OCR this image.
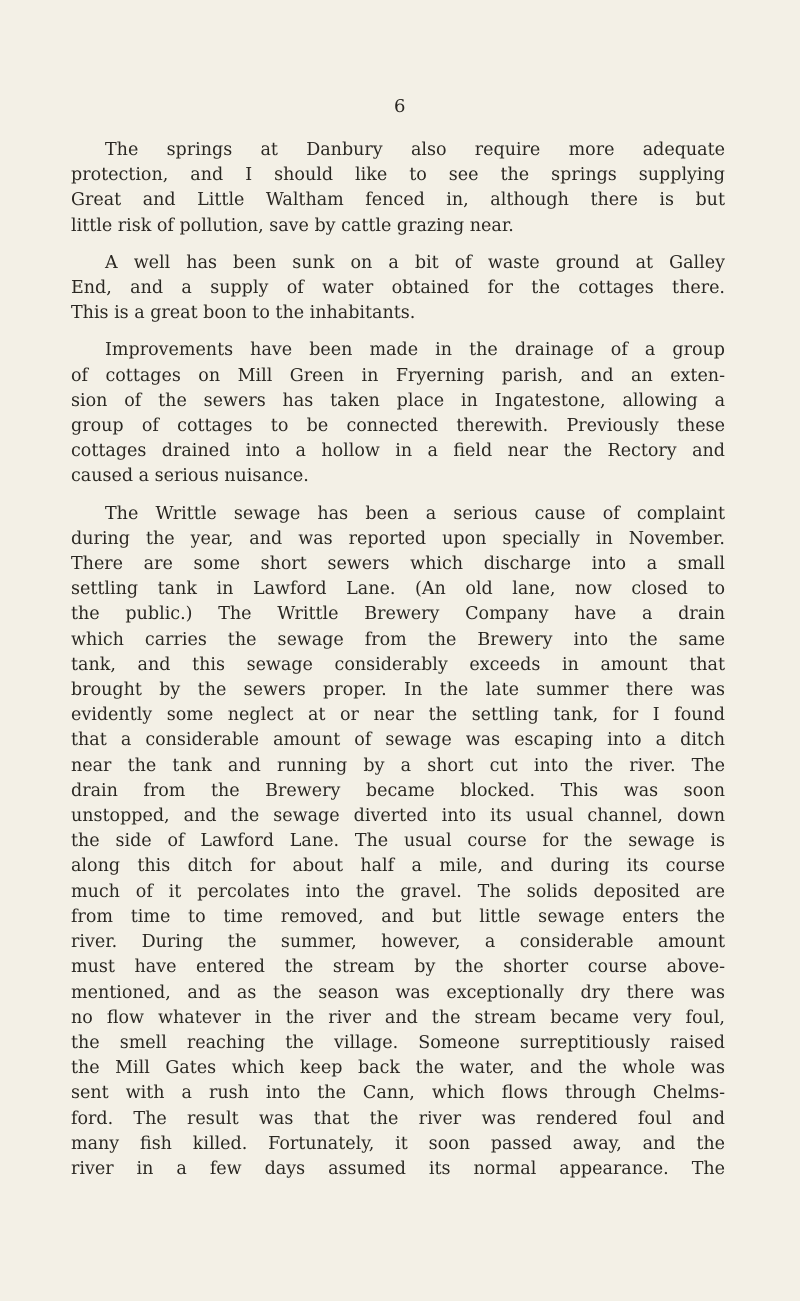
6
The springs at Danbury also require more adequate
protection, and I should like to see the springs supplying
Great and Little Waltham fenced in, although there is but
little risk of pollution, save by cattle grazing near.
A well has been sunk on a bit of waste ground at Galley
End, and a supply of water obtained for the cottages there.
This is a great boon to the inhabitants.
Improvements have been made in the drainage of a group
of cottages on Mill Green in Fryerning parish, and an exten-
sion of the sewers has taken place in Ingatestone, allowing a
group of cottages to be connected therewith. Previously these
cottages drained into a hollow in a field near the Rectory and
caused a serious nuisance.
The Writtle sewage has been a serious cause of complaint
during the year, and was reported upon specially in November.
There are some short sewers which discharge into a small
settling tank in Lawford Lane. (An old lane, now closed to
the public.) The Writtle Brewery Company have a drain
which carries the sewage from the Brewery into the same
tank, and this sewage considerably exceeds in amount that
brought by the sewers proper. In the late summer there was
evidently some neglect at or near the settling tank, for I found
that a considerable amount of sewage was escaping into a ditch
near the tank and running by a short cut into the river. The
drain from the Brewery became blocked. This was soon
unstopped, and the sewage diverted into its usual channel, down
the side of Lawford Lane. The usual course for the sewage is
along this ditch for about half a mile, and during its course
much of it percolates into the gravel. The solids deposited are
from time to time removed, and but little sewage enters the
river. During the summer, however, a considerable amount
must have entered the stream by the shorter course above-
mentioned, and as the season was exceptionally dry there was
no flow whatever in the river and the stream became very foul,
the smell reaching the village. Someone surreptitiously raised
the Mill Gates which keep back the water, and the whole was
sent with a rush into the Cann, which flows through Chelms-
ford. The result was that the river was rendered foul and
many fish killed. Fortunately, it soon passed away, and the
river in a few days assumed its normal appearance. The
